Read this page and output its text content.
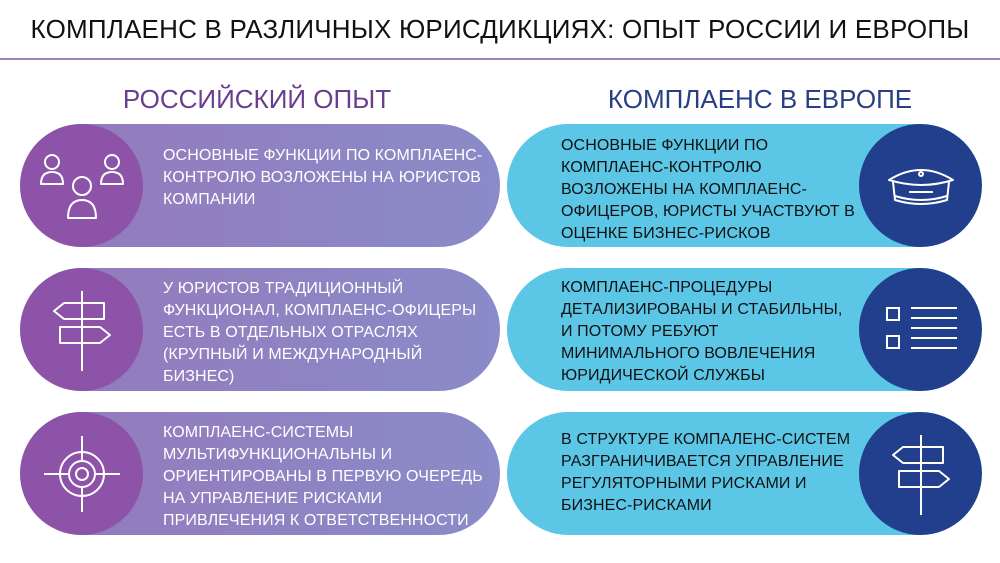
КОМПЛАЕНС В РАЗЛИЧНЫХ ЮРИСДИКЦИЯХ: ОПЫТ РОССИИ И ЕВРОПЫ
РОССИЙСКИЙ ОПЫТ	КОМПЛАЕНС В ЕВРОПЕ
ОСНОВНЫЕ ФУНКЦИИ ПО КОМПЛАЕНС-КОНТРОЛЮ ВОЗЛОЖЕНЫ НА ЮРИСТОВ КОМПАНИИ
У ЮРИСТОВ ТРАДИЦИОННЫЙ ФУНКЦИОНАЛ, КОМПЛАЕНС-ОФИЦЕРЫ ЕСТЬ В ОТДЕЛЬНЫХ ОТРАСЛЯХ (КРУПНЫЙ И МЕЖДУНАРОДНЫЙ БИЗНЕС)
КОМПЛАЕНС-СИСТЕМЫ МУЛЬТИФУНКЦИОНАЛЬНЫ И ОРИЕНТИРОВАНЫ В ПЕРВУЮ ОЧЕРЕДЬ НА УПРАВЛЕНИЕ РИСКАМИ ПРИВЛЕЧЕНИЯ К ОТВЕТСТВЕННОСТИ
ОСНОВНЫЕ ФУНКЦИИ ПО КОМПЛАЕНС-КОНТРОЛЮ ВОЗЛОЖЕНЫ НА КОМПЛАЕНС-ОФИЦЕРОВ, ЮРИСТЫ УЧАСТВУЮТ В ОЦЕНКЕ БИЗНЕС-РИСКОВ
КОМПЛАЕНС-ПРОЦЕДУРЫ ДЕТАЛИЗИРОВАНЫ И СТАБИЛЬНЫ, И ПОТОМУ РЕБУЮТ МИНИМАЛЬНОГО ВОВЛЕЧЕНИЯ ЮРИДИЧЕСКОЙ СЛУЖБЫ
В СТРУКТУРЕ КОМПАЛЕНС-СИСТЕМ РАЗГРАНИЧИВАЕТСЯ УПРАВЛЕНИЕ РЕГУЛЯТОРНЫМИ РИСКАМИ И БИЗНЕС-РИСКАМИ
